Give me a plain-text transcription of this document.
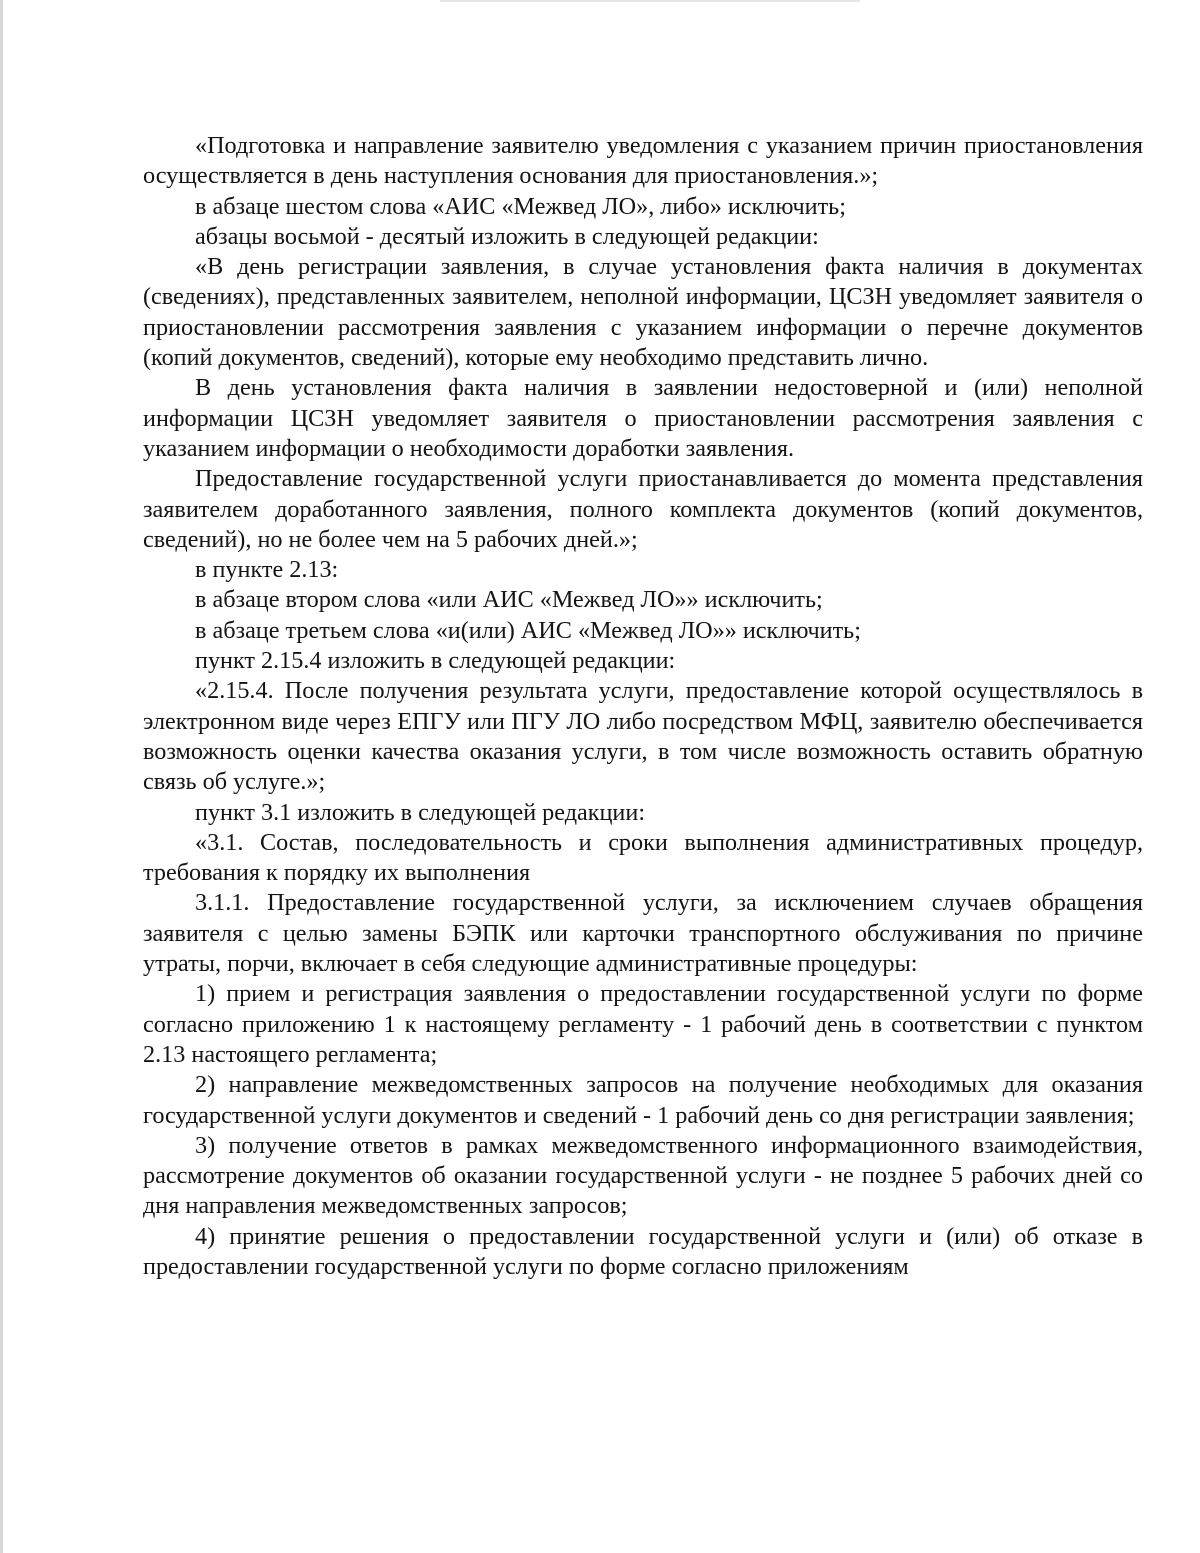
«Подготовка и направление заявителю уведомления с указанием причин приостановления осуществляется в день наступления основания для приостановления.»;

в абзаце шестом слова «АИС «Межвед ЛО», либо» исключить;

абзацы восьмой - десятый изложить в следующей редакции:

«В день регистрации заявления, в случае установления факта наличия в документах (сведениях), представленных заявителем, неполной информации, ЦСЗН уведомляет заявителя о приостановлении рассмотрения заявления с указанием информации о перечне документов (копий документов, сведений), которые ему необходимо представить лично.

В день установления факта наличия в заявлении недостоверной и (или) неполной информации ЦСЗН уведомляет заявителя о приостановлении рассмотрения заявления с указанием информации о необходимости доработки заявления.

Предоставление государственной услуги приостанавливается до момента представления заявителем доработанного заявления, полного комплекта документов (копий документов, сведений), но не более чем на 5 рабочих дней.»;

в пункте 2.13:

в абзаце втором слова «или АИС «Межвед ЛО»» исключить;

в абзаце третьем слова «и(или) АИС «Межвед ЛО»» исключить;

пункт 2.15.4 изложить в следующей редакции:

«2.15.4. После получения результата услуги, предоставление которой осуществлялось в электронном виде через ЕПГУ или ПГУ ЛО либо посредством МФЦ, заявителю обеспечивается возможность оценки качества оказания услуги, в том числе возможность оставить обратную связь об услуге.»;

пункт 3.1 изложить в следующей редакции:

«3.1. Состав, последовательность и сроки выполнения административных процедур, требования к порядку их выполнения

3.1.1. Предоставление государственной услуги, за исключением случаев обращения заявителя с целью замены БЭПК или карточки транспортного обслуживания по причине утраты, порчи, включает в себя следующие административные процедуры:

1) прием и регистрация заявления о предоставлении государственной услуги по форме согласно приложению 1 к настоящему регламенту - 1 рабочий день в соответствии с пунктом 2.13 настоящего регламента;

2) направление межведомственных запросов на получение необходимых для оказания государственной услуги документов и сведений - 1 рабочий день со дня регистрации заявления;

3) получение ответов в рамках межведомственного информационного взаимодействия, рассмотрение документов об оказании государственной услуги - не позднее 5 рабочих дней со дня направления межведомственных запросов;

4) принятие решения о предоставлении государственной услуги и (или) об отказе в предоставлении государственной услуги по форме согласно приложениям
